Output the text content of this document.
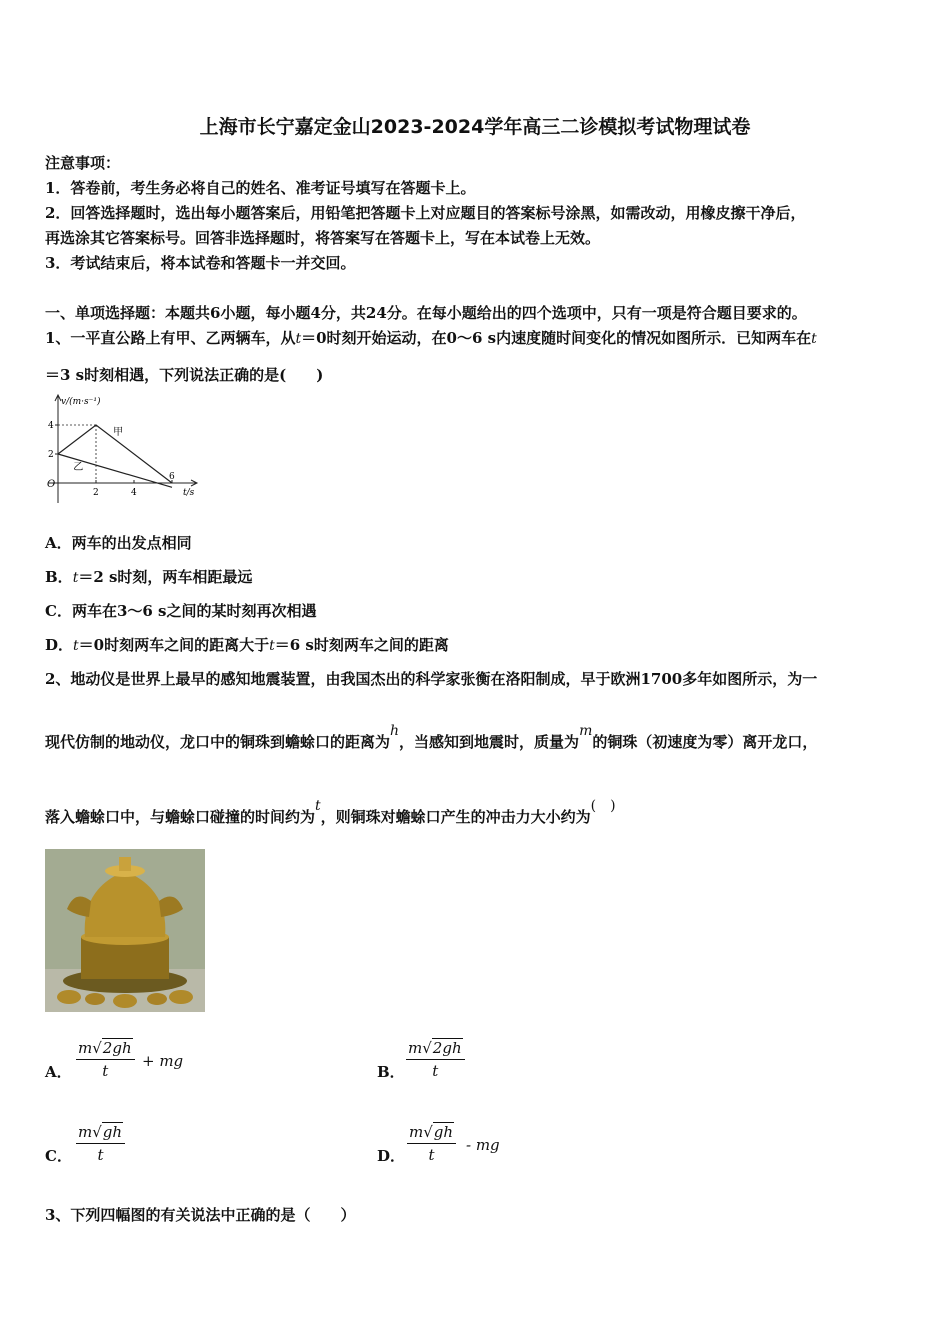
上海市长宁嘉定金山2023-2024学年高三二诊模拟考试物理试卷
注意事项：
1．答卷前，考生务必将自己的姓名、准考证号填写在答题卡上。
2．回答选择题时，选出每小题答案后，用铅笔把答题卡上对应题目的答案标号涂黑，如需改动，用橡皮擦干净后，
再选涂其它答案标号。回答非选择题时，将答案写在答题卡上，写在本试卷上无效。
3．考试结束后，将本试卷和答题卡一并交回。
一、单项选择题：本题共6小题，每小题4分，共24分。在每小题给出的四个选项中，只有一项是符合题目要求的。
1、一平直公路上有甲、乙两辆车，从t＝0时刻开始运动，在0～6 s内速度随时间变化的情况如图所示．已知两车在t
＝3 s时刻相遇，下列说法正确的是(　　)
v/(m·s⁻¹)
t/s
O
2
4
2	4
6
甲
乙
A．两车的出发点相同
B．t＝2 s时刻，两车相距最远
C．两车在3～6 s之间的某时刻再次相遇
D．t＝0时刻两车之间的距离大于t＝6 s时刻两车之间的距离
2、地动仪是世界上最早的感知地震装置，由我国杰出的科学家张衡在洛阳制成，早于欧洲1700多年如图所示，为一
现代仿制的地动仪，龙口中的铜珠到蟾蜍口的距离为h，当感知到地震时，质量为m的铜珠（初速度为零）离开龙口，
落入蟾蜍口中，与蟾蜍口碰撞的时间约为t，则铜珠对蟾蜍口产生的冲击力大小约为(　)
A． $\frac{m√2gh}{t}$ + mg
B． $\frac{m√2gh}{t}$
C． $\frac{m√gh}{t}$	D． $\frac{m√gh}{t}$ - mg
3、下列四幅图的有关说法中正确的是（　　）
